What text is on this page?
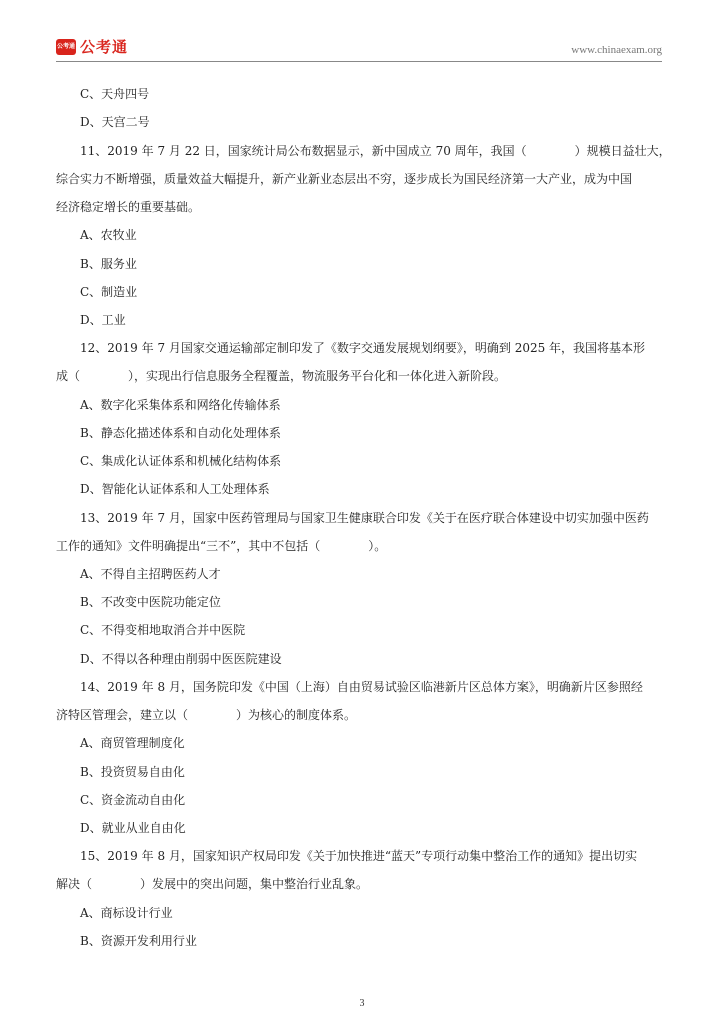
公考通 公考通	www.chinaexam.org
C、天舟四号
D、天宫二号
11、2019 年 7 月 22 日，国家统计局公布数据显示，新中国成立 70 周年，我国（　　　　）规模日益壮大，
综合实力不断增强，质量效益大幅提升，新产业新业态层出不穷，逐步成长为国民经济第一大产业，成为中国
经济稳定增长的重要基础。
A、农牧业
B、服务业
C、制造业
D、工业
12、2019 年 7 月国家交通运输部定制印发了《数字交通发展规划纲要》，明确到 2025 年，我国将基本形
成（　　　　），实现出行信息服务全程覆盖，物流服务平台化和一体化进入新阶段。
A、数字化采集体系和网络化传输体系
B、静态化描述体系和自动化处理体系
C、集成化认证体系和机械化结构体系
D、智能化认证体系和人工处理体系
13、2019 年 7 月，国家中医药管理局与国家卫生健康联合印发《关于在医疗联合体建设中切实加强中医药
工作的通知》文件明确提出“三不”，其中不包括（　　　　）。
A、不得自主招聘医药人才
B、不改变中医院功能定位
C、不得变相地取消合并中医院
D、不得以各种理由削弱中医医院建设
14、2019 年 8 月，国务院印发《中国（上海）自由贸易试验区临港新片区总体方案》，明确新片区参照经
济特区管理会，建立以（　　　　）为核心的制度体系。
A、商贸管理制度化
B、投资贸易自由化
C、资金流动自由化
D、就业从业自由化
15、2019 年 8 月，国家知识产权局印发《关于加快推进“蓝天”专项行动集中整治工作的通知》提出切实
解决（　　　　）发展中的突出问题，集中整治行业乱象。
A、商标设计行业
B、资源开发利用行业
3
